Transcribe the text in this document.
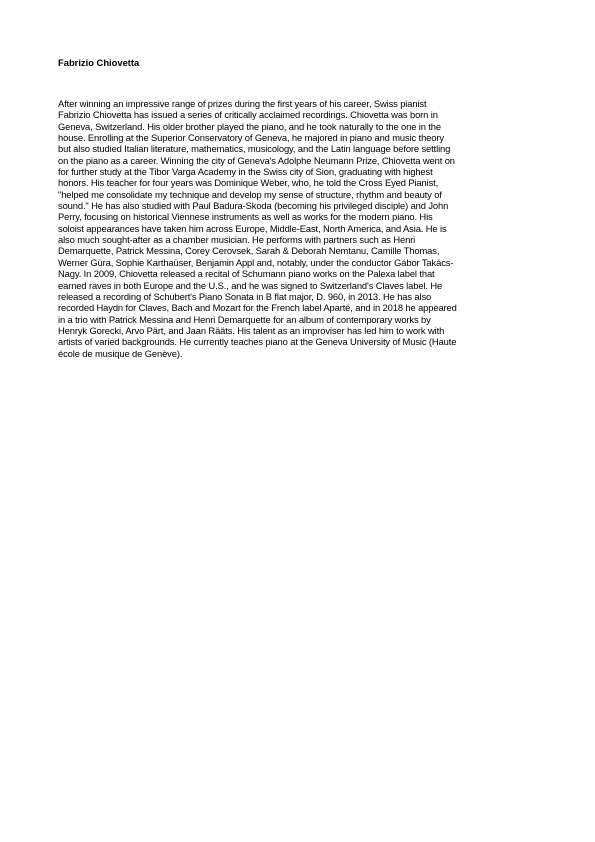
Fabrizio Chiovetta

After winning an impressive range of prizes during the first years of his career, Swiss pianist
Fabrizio Chiovetta has issued a series of critically acclaimed recordings. Chiovetta was born in
Geneva, Switzerland. His older brother played the piano, and he took naturally to the one in the
house. Enrolling at the Superior Conservatory of Geneva, he majored in piano and music theory
but also studied Italian literature, mathematics, musicology, and the Latin language before settling
on the piano as a career. Winning the city of Geneva's Adolphe Neumann Prize, Chiovetta went on
for further study at the Tibor Varga Academy in the Swiss city of Sion, graduating with highest
honors. His teacher for four years was Dominique Weber, who, he told the Cross Eyed Pianist,
"helped me consolidate my technique and develop my sense of structure, rhythm and beauty of
sound." He has also studied with Paul Badura-Skoda (becoming his privileged disciple) and John
Perry, focusing on historical Viennese instruments as well as works for the modern piano. His
soloist appearances have taken him across Europe, Middle-East, North America, and Asia. He is
also much sought-after as a chamber musician. He performs with partners such as Henri
Demarquette, Patrick Messina, Corey Cerovsek, Sarah & Deborah Nemtanu, Camille Thomas,
Werner Güra, Sophie Karthaüser, Benjamin Appl and, notably, under the conductor Gábor Takács-
Nagy. In 2009, Chiovetta released a recital of Schumann piano works on the Palexa label that
earned raves in both Europe and the U.S., and he was signed to Switzerland's Claves label. He
released a recording of Schubert's Piano Sonata in B flat major, D. 960, in 2013. He has also
recorded Haydn for Claves, Bach and Mozart for the French label Aparté, and in 2018 he appeared
in a trio with Patrick Messina and Henri Demarquette for an album of contemporary works by
Henryk Gorecki, Arvo Pärt, and Jaan Rääts. His talent as an improviser has led him to work with
artists of varied backgrounds. He currently teaches piano at the Geneva University of Music (Haute
école de musique de Genève).
